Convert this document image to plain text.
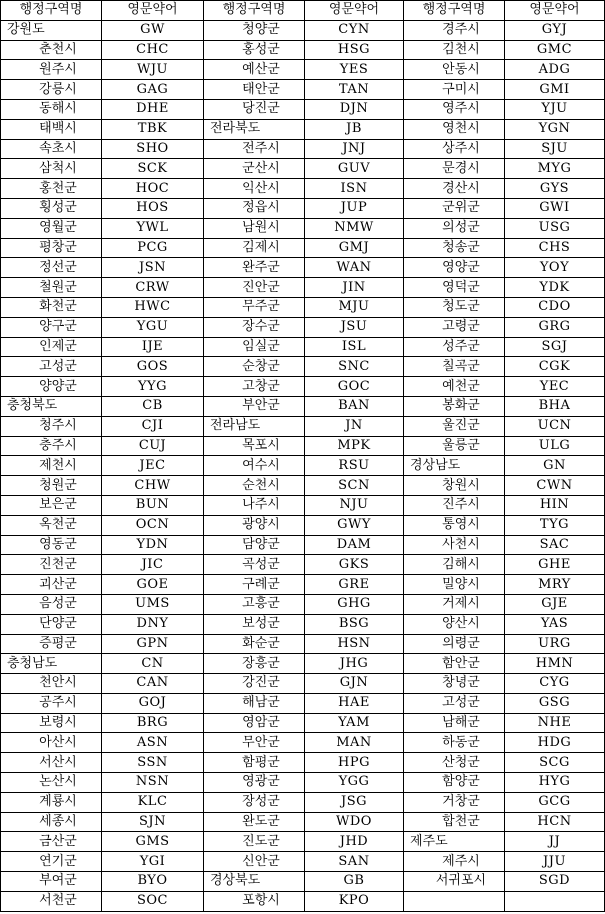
행정구역명	영문약어	행정구역명	영문약어	행정구역명	영문약어
강원도	GW	청양군	CYN	경주시	GYJ
춘천시	CHC	홍성군	HSG	김천시	GMC
원주시	WJU	예산군	YES	안동시	ADG
강릉시	GAG	태안군	TAN	구미시	GMI
동해시	DHE	당진군	DJN	영주시	YJU
태백시	TBK	전라북도	JB	영천시	YGN
속초시	SHO	전주시	JNJ	상주시	SJU
삼척시	SCK	군산시	GUV	문경시	MYG
홍천군	HOC	익산시	ISN	경산시	GYS
횡성군	HOS	정읍시	JUP	군위군	GWI
영월군	YWL	남원시	NMW	의성군	USG
평창군	PCG	김제시	GMJ	청송군	CHS
정선군	JSN	완주군	WAN	영양군	YOY
철원군	CRW	진안군	JIN	영덕군	YDK
화천군	HWC	무주군	MJU	청도군	CDO
양구군	YGU	장수군	JSU	고령군	GRG
인제군	IJE	임실군	ISL	성주군	SGJ
고성군	GOS	순창군	SNC	칠곡군	CGK
양양군	YYG	고창군	GOC	예천군	YEC
충청북도	CB	부안군	BAN	봉화군	BHA
청주시	CJI	전라남도	JN	울진군	UCN
충주시	CUJ	목포시	MPK	울릉군	ULG
제천시	JEC	여수시	RSU	경상남도	GN
청원군	CHW	순천시	SCN	창원시	CWN
보은군	BUN	나주시	NJU	진주시	HIN
옥천군	OCN	광양시	GWY	통영시	TYG
영동군	YDN	담양군	DAM	사천시	SAC
진천군	JIC	곡성군	GKS	김해시	GHE
괴산군	GOE	구례군	GRE	밀양시	MRY
음성군	UMS	고흥군	GHG	거제시	GJE
단양군	DNY	보성군	BSG	양산시	YAS
증평군	GPN	화순군	HSN	의령군	URG
충청남도	CN	장흥군	JHG	함안군	HMN
천안시	CAN	강진군	GJN	창녕군	CYG
공주시	GOJ	해남군	HAE	고성군	GSG
보령시	BRG	영암군	YAM	남해군	NHE
아산시	ASN	무안군	MAN	하동군	HDG
서산시	SSN	함평군	HPG	산청군	SCG
논산시	NSN	영광군	YGG	함양군	HYG
계룡시	KLC	장성군	JSG	거창군	GCG
세종시	SJN	완도군	WDO	합천군	HCN
금산군	GMS	진도군	JHD	제주도	JJ
연기군	YGI	신안군	SAN	제주시	JJU
부여군	BYO	경상북도	GB	서귀포시	SGD
서천군	SOC	포항시	KPO		
